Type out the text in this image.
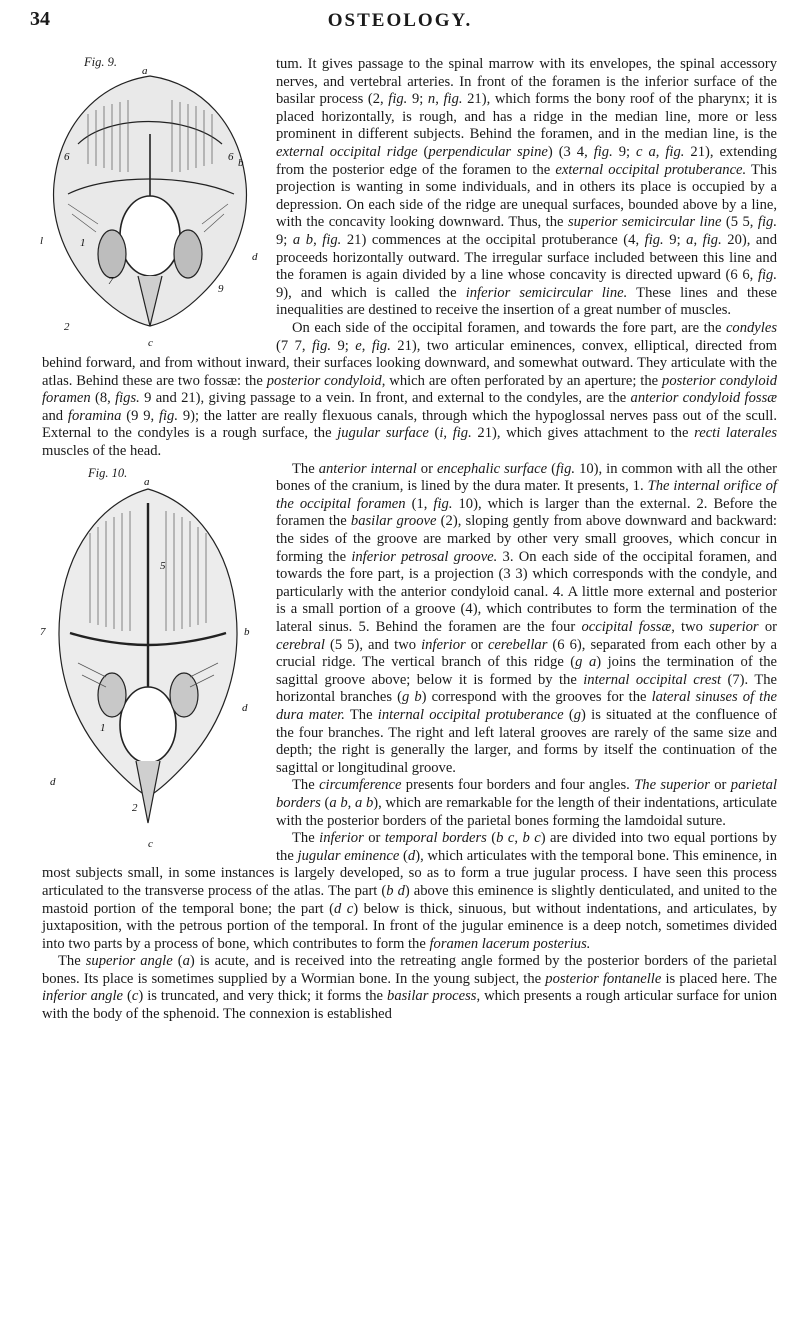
34	OSTEOLOGY.
Fig. 9.
a
b
c
d
1
2
6	6
7
9
l

tum. It gives passage to the spinal marrow with its envelopes, the spinal accessory nerves, and vertebral arteries. In front of the foramen is the inferior surface of the basilar process (2, fig. 9; n, fig. 21), which forms the bony roof of the pharynx; it is placed horizontally, is rough, and has a ridge in the median line, more or less prominent in different subjects. Behind the foramen, and in the median line, is the external occipital ridge (perpendicular spine) (3 4, fig. 9; c a, fig. 21), extending from the posterior edge of the foramen to the external occipital protuberance. This projection is wanting in some individuals, and in others its place is occupied by a depression. On each side of the ridge are unequal surfaces, bounded above by a line, with the concavity looking downward. Thus, the superior semicircular line (5 5, fig. 9; a b, fig. 21) commences at the occipital protuberance (4, fig. 9; a, fig. 20), and proceeds horizontally outward. The irregular surface included between this line and the foramen is again divided by a line whose concavity is directed upward (6 6, fig. 9), and which is called the inferior semicircular line. These lines and these inequalities are destined to receive the insertion of a great number of muscles.

On each side of the occipital foramen, and towards the fore part, are the condyles (7 7, fig. 9; e, fig. 21), two articular eminences, convex, elliptical, directed from behind forward, and from without inward, their surfaces looking downward, and somewhat outward. They articulate with the atlas. Behind these are two fossæ: the posterior condyloid, which are often perforated by an aperture; the posterior condyloid foramen (8, figs. 9 and 21), giving passage to a vein. In front, and external to the condyles, are the anterior condyloid fossæ and foramina (9 9, fig. 9); the latter are really flexuous canals, through which the hypoglossal nerves pass out of the scull. External to the condyles is a rough surface, the jugular surface (i, fig. 21), which gives attachment to the recti laterales muscles of the head.

Fig. 10.
a
b
c
d
1
5
7
2
d

The anterior internal or encephalic surface (fig. 10), in common with all the other bones of the cranium, is lined by the dura mater. It presents, 1. The internal orifice of the occipital foramen (1, fig. 10), which is larger than the external. 2. Before the foramen the basilar groove (2), sloping gently from above downward and backward: the sides of the groove are marked by other very small grooves, which concur in forming the inferior petrosal groove. 3. On each side of the occipital foramen, and towards the fore part, is a projection (3 3) which corresponds with the condyle, and particularly with the anterior condyloid canal. 4. A little more external and posterior is a small portion of a groove (4), which contributes to form the termination of the lateral sinus. 5. Behind the foramen are the four occipital fossæ, two superior or cerebral (5 5), and two inferior or cerebellar (6 6), separated from each other by a crucial ridge. The vertical branch of this ridge (g a) joins the termination of the sagittal groove above; below it is formed by the internal occipital crest (7). The horizontal branches (g b) correspond with the grooves for the lateral sinuses of the dura mater. The internal occipital protuberance (g) is situated at the confluence of the four branches. The right and left lateral grooves are rarely of the same size and depth; the right is generally the larger, and forms by itself the continuation of the sagittal or longitudinal groove.

The circumference presents four borders and four angles. The superior or parietal borders (a b, a b), which are remarkable for the length of their indentations, articulate with the posterior borders of the parietal bones forming the lamdoidal suture.

The inferior or temporal borders (b c, b c) are divided into two equal portions by the jugular eminence (d), which articulates with the temporal bone. This eminence, in most subjects small, in some instances is largely developed, so as to form a true jugular process. I have seen this process articulated to the transverse process of the atlas. The part (b d) above this eminence is slightly denticulated, and united to the mastoid portion of the temporal bone; the part (d c) below is thick, sinuous, but without indentations, and articulates, by juxtaposition, with the petrous portion of the temporal. In front of the jugular eminence is a deep notch, sometimes divided into two parts by a process of bone, which contributes to form the foramen lacerum posterius.

The superior angle (a) is acute, and is received into the retreating angle formed by the posterior borders of the parietal bones. Its place is sometimes supplied by a Wormian bone. In the young subject, the posterior fontanelle is placed here. The inferior angle (c) is truncated, and very thick; it forms the basilar process, which presents a rough articular surface for union with the body of the sphenoid. The connexion is established
